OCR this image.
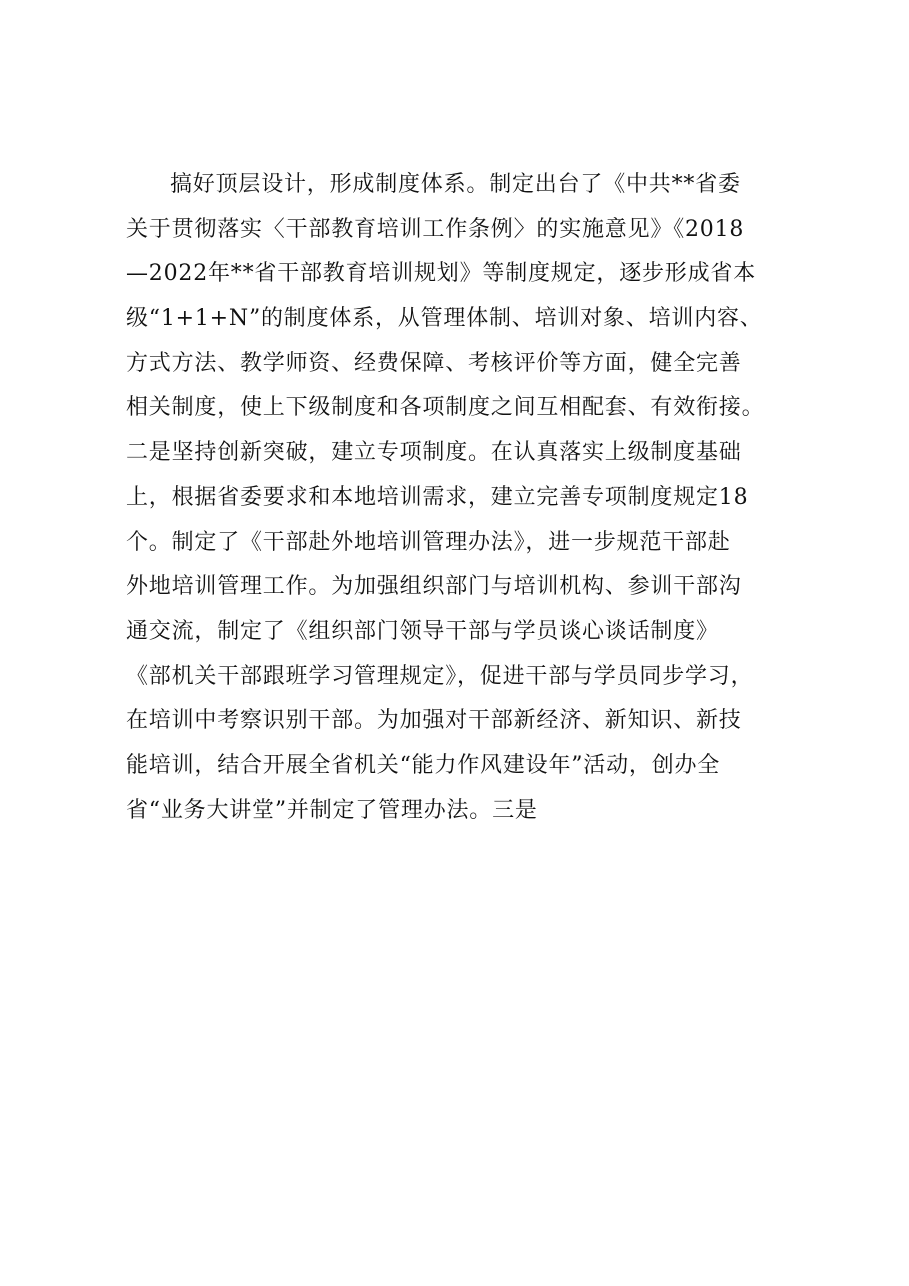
搞好顶层设计，形成制度体系。制定出台了《中共**省委
关于贯彻落实〈干部教育培训工作条例〉的实施意见》《2018
—2022年**省干部教育培训规划》等制度规定，逐步形成省本
级“1+1+N”的制度体系，从管理体制、培训对象、培训内容、
方式方法、教学师资、经费保障、考核评价等方面，健全完善
相关制度，使上下级制度和各项制度之间互相配套、有效衔接。
二是坚持创新突破，建立专项制度。在认真落实上级制度基础
上，根据省委要求和本地培训需求，建立完善专项制度规定18
个。制定了《干部赴外地培训管理办法》，进一步规范干部赴
外地培训管理工作。为加强组织部门与培训机构、参训干部沟
通交流，制定了《组织部门领导干部与学员谈心谈话制度》
《部机关干部跟班学习管理规定》，促进干部与学员同步学习，
在培训中考察识别干部。为加强对干部新经济、新知识、新技
能培训，结合开展全省机关“能力作风建设年”活动，创办全
省“业务大讲堂”并制定了管理办法。三是
